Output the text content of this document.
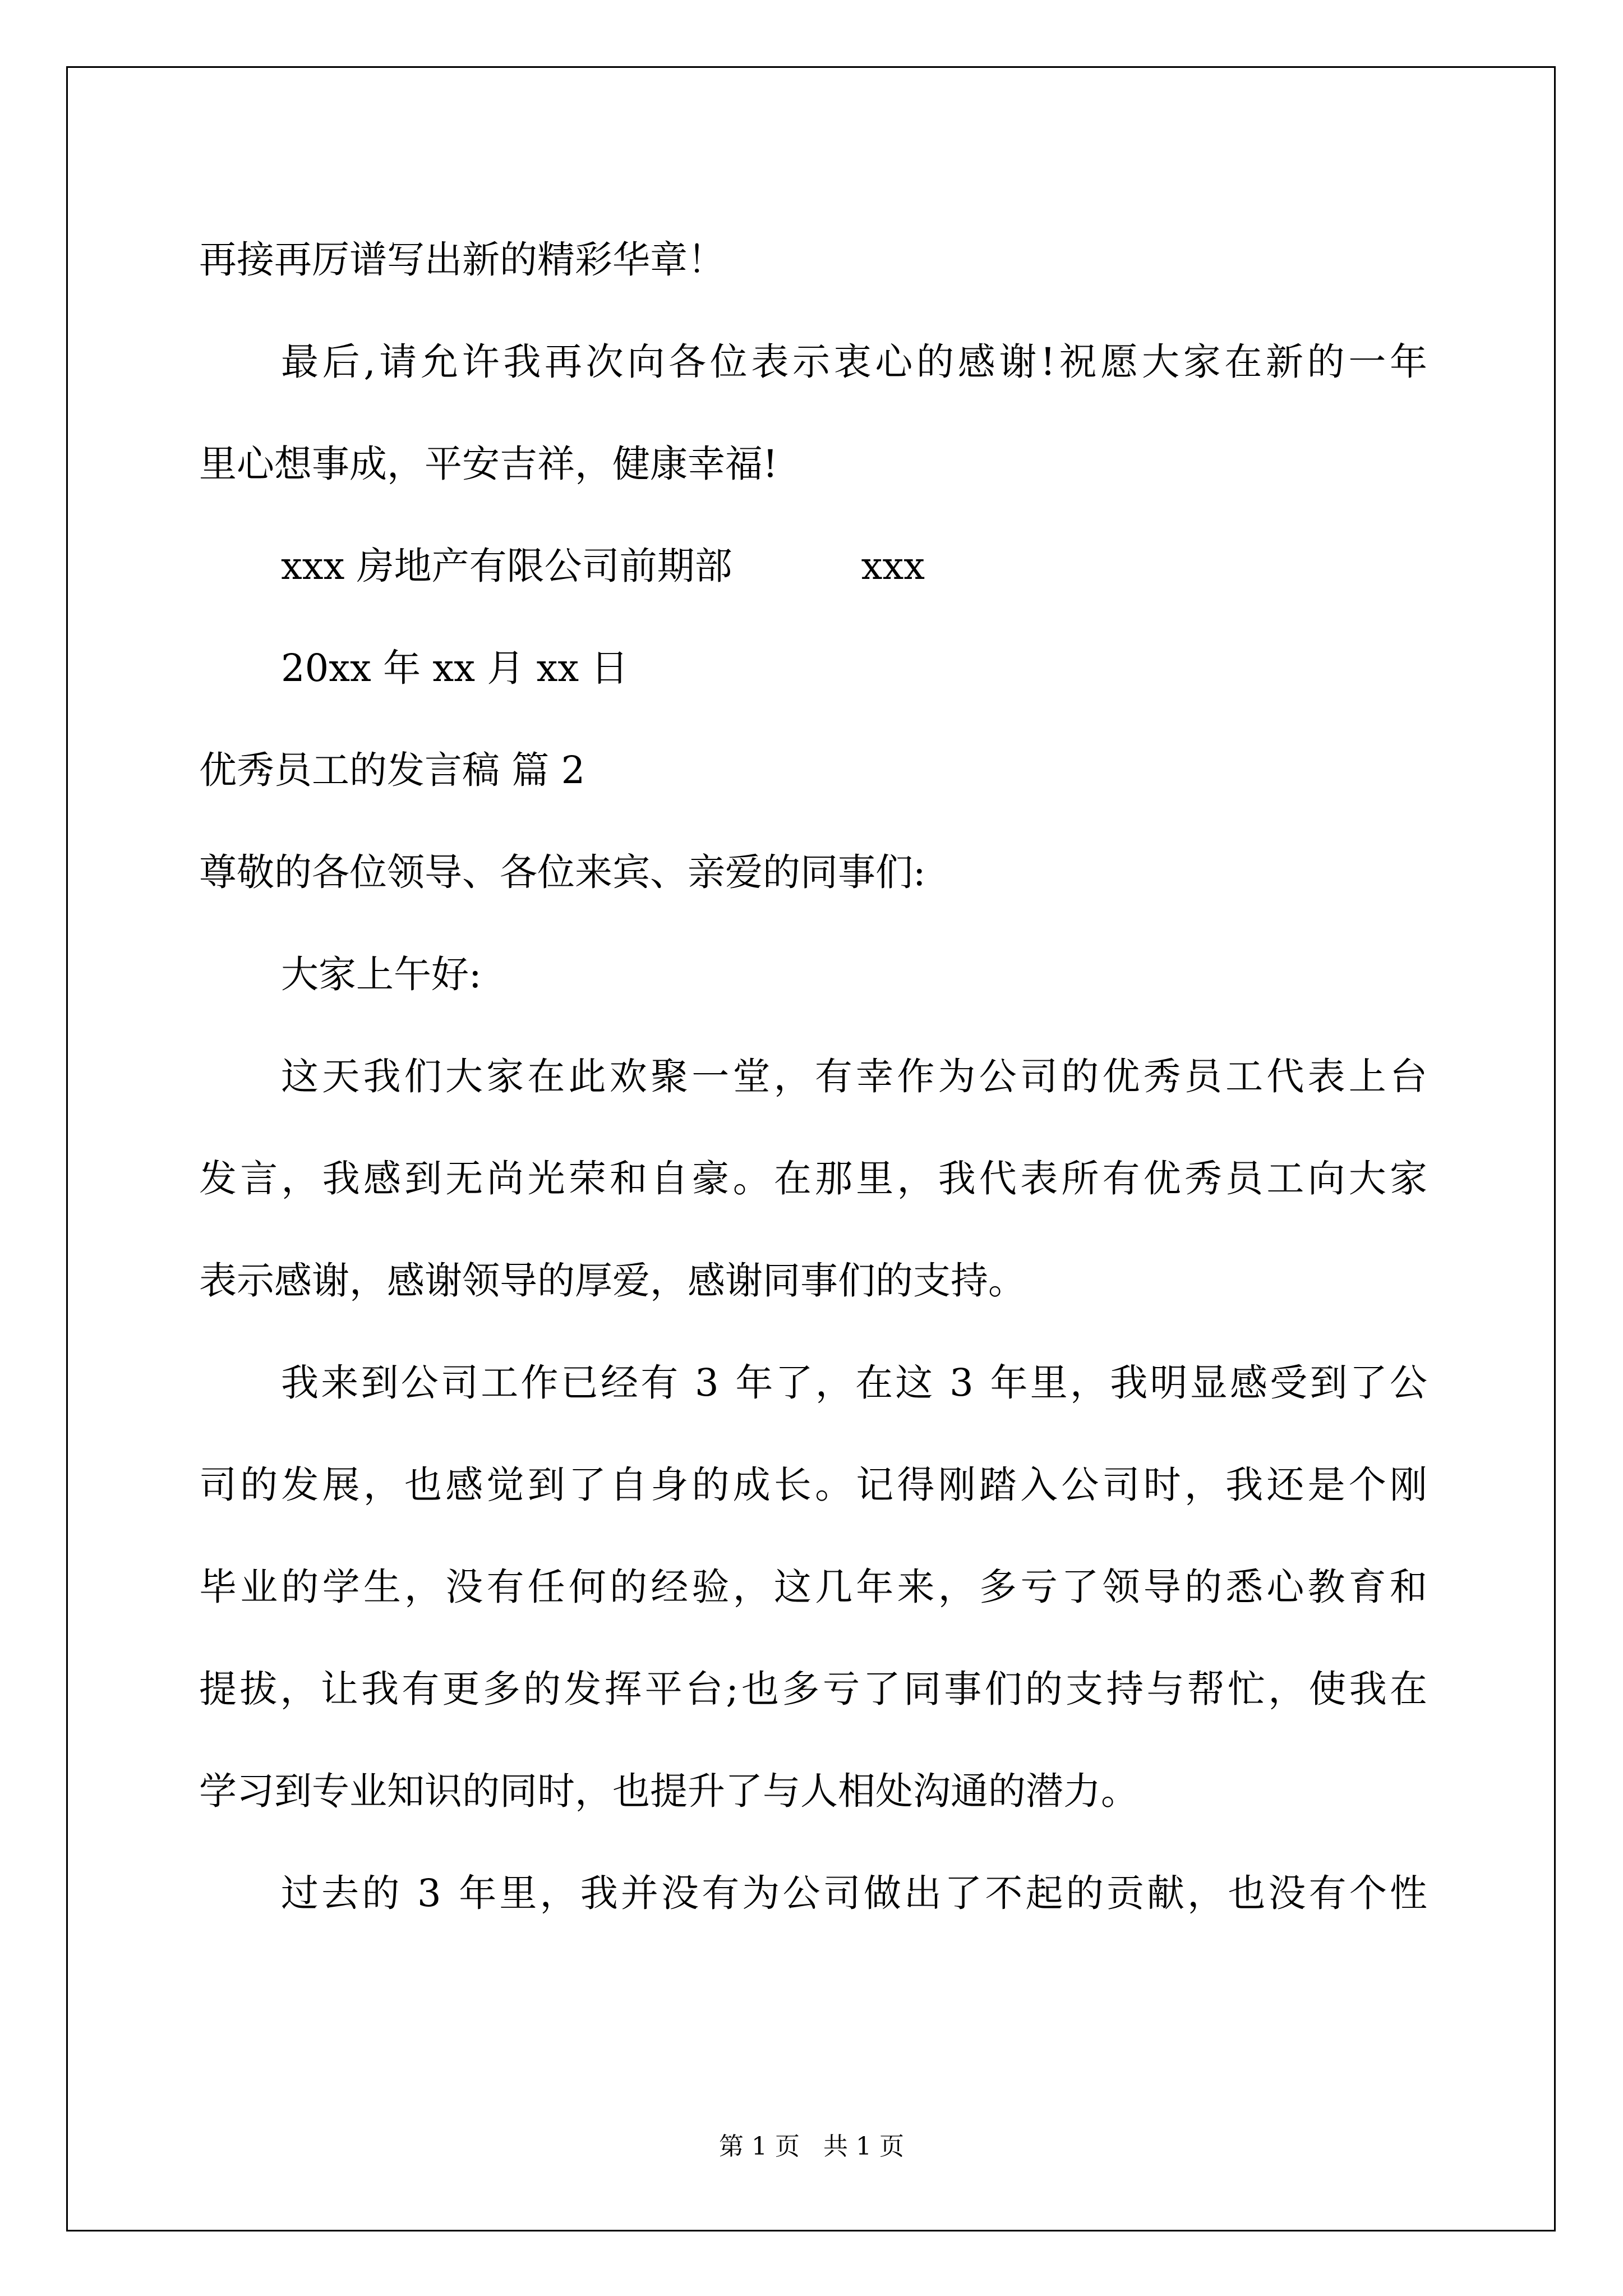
再接再厉谱写出新的精彩华章！
最后,请允许我再次向各位表示衷心的感谢!祝愿大家在新的一年
里心想事成，平安吉祥，健康幸福!
xxx 房地产有限公司前期部	xxx
20xx 年 xx 月 xx 日
优秀员工的发言稿 篇 2
尊敬的各位领导、各位来宾、亲爱的同事们:
大家上午好:
这天我们大家在此欢聚一堂，有幸作为公司的优秀员工代表上台
发言，我感到无尚光荣和自豪。在那里，我代表所有优秀员工向大家
表示感谢，感谢领导的厚爱，感谢同事们的支持。
我来到公司工作已经有 3 年了，在这 3 年里，我明显感受到了公
司的发展，也感觉到了自身的成长。记得刚踏入公司时，我还是个刚
毕业的学生，没有任何的经验，这几年来，多亏了领导的悉心教育和
提拔，让我有更多的发挥平台;也多亏了同事们的支持与帮忙，使我在
学习到专业知识的同时，也提升了与人相处沟通的潜力。
过去的 3 年里，我并没有为公司做出了不起的贡献，也没有个性
第 1 页 共 1 页
